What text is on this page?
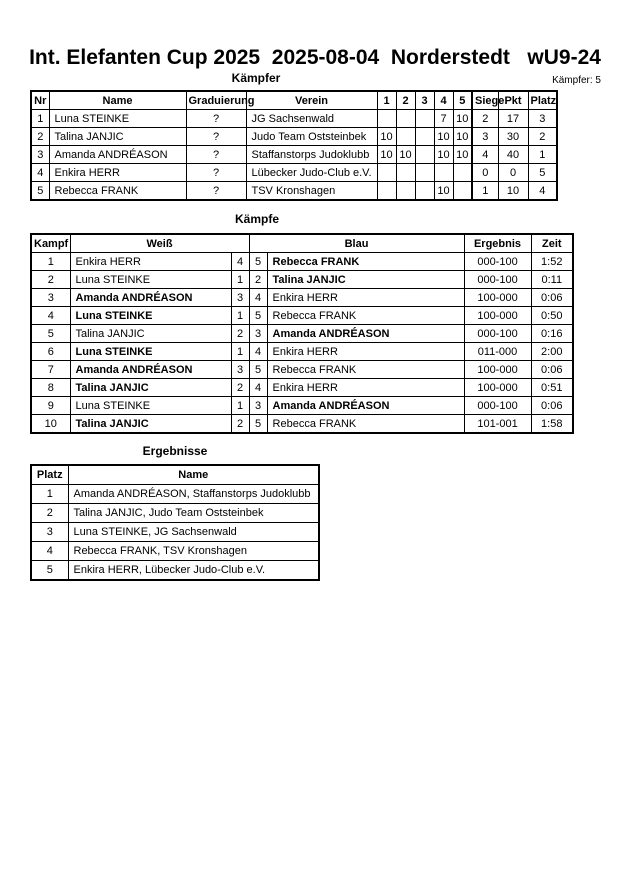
Int. Elefanten Cup 2025  2025-08-04  Norderstedt   wU9-24
Kämpfer	Kämpfer: 5
Nr	Name	Graduierung	Verein	1	2	3	4	5	Siege	Pkt	Platz
1	Luna STEINKE	?	JG Sachsenwald				7	10	2	17	3
2	Talina JANJIC	?	Judo Team Oststeinbek	10			10	10	3	30	2
3	Amanda ANDRÉASON	?	Staffanstorps Judoklubb	10	10		10	10	4	40	1
4	Enkira HERR	?	Lübecker Judo-Club e.V.						0	0	5
5	Rebecca FRANK	?	TSV Kronshagen				10		1	10	4
Kämpfe
Kampf	Weiß		Blau		Ergebnis	Zeit
1	Enkira HERR	4	5	Rebecca FRANK	000-100	1:52
2	Luna STEINKE	1	2	Talina JANJIC	000-100	0:11
3	Amanda ANDRÉASON	3	4	Enkira HERR	100-000	0:06
4	Luna STEINKE	1	5	Rebecca FRANK	100-000	0:50
5	Talina JANJIC	2	3	Amanda ANDRÉASON	000-100	0:16
6	Luna STEINKE	1	4	Enkira HERR	011-000	2:00
7	Amanda ANDRÉASON	3	5	Rebecca FRANK	100-000	0:06
8	Talina JANJIC	2	4	Enkira HERR	100-000	0:51
9	Luna STEINKE	1	3	Amanda ANDRÉASON	000-100	0:06
10	Talina JANJIC	2	5	Rebecca FRANK	101-001	1:58
Ergebnisse
Platz	Name
1	Amanda ANDRÉASON, Staffanstorps Judoklubb
2	Talina JANJIC, Judo Team Oststeinbek
3	Luna STEINKE, JG Sachsenwald
4	Rebecca FRANK, TSV Kronshagen
5	Enkira HERR, Lübecker Judo-Club e.V.
